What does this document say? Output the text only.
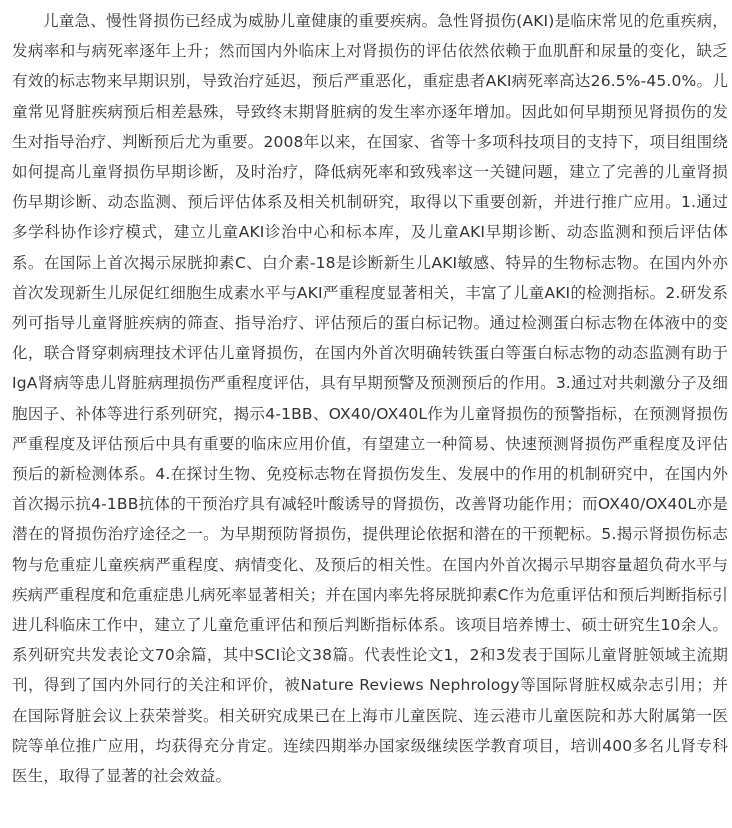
儿童急、慢性肾损伤已经成为威胁儿童健康的重要疾病。急性肾损伤(AKI)是临床常见的危重疾病，发病率和与病死率逐年上升；然而国内外临床上对肾损伤的评估依然依赖于血肌酐和尿量的变化，缺乏有效的标志物来早期识别，导致治疗延迟，预后严重恶化，重症患者AKI病死率高达26.5%-45.0%。儿童常见肾脏疾病预后相差悬殊，导致终末期肾脏病的发生率亦逐年增加。因此如何早期预见肾损伤的发生对指导治疗、判断预后尤为重要。2008年以来，在国家、省等十多项科技项目的支持下，项目组围绕如何提高儿童肾损伤早期诊断，及时治疗，降低病死率和致残率这一关键问题，建立了完善的儿童肾损伤早期诊断、动态监测、预后评估体系及相关机制研究，取得以下重要创新，并进行推广应用。1.通过多学科协作诊疗模式，建立儿童AKI诊治中心和标本库，及儿童AKI早期诊断、动态监测和预后评估体系。在国际上首次揭示尿胱抑素C、白介素-18是诊断新生儿AKI敏感、特异的生物标志物。在国内外亦首次发现新生儿尿促红细胞生成素水平与AKI严重程度显著相关，丰富了儿童AKI的检测指标。2.研发系列可指导儿童肾脏疾病的筛查、指导治疗、评估预后的蛋白标记物。通过检测蛋白标志物在体液中的变化，联合肾穿刺病理技术评估儿童肾损伤，在国内外首次明确转铁蛋白等蛋白标志物的动态监测有助于IgA肾病等患儿肾脏病理损伤严重程度评估，具有早期预警及预测预后的作用。3.通过对共刺激分子及细胞因子、补体等进行系列研究，揭示4-1BB、OX40/OX40L作为儿童肾损伤的预警指标，在预测肾损伤严重程度及评估预后中具有重要的临床应用价值，有望建立一种简易、快速预测肾损伤严重程度及评估预后的新检测体系。4.在探讨生物、免疫标志物在肾损伤发生、发展中的作用的机制研究中，在国内外首次揭示抗4-1BB抗体的干预治疗具有减轻叶酸诱导的肾损伤，改善肾功能作用；而OX40/OX40L亦是潜在的肾损伤治疗途径之一。为早期预防肾损伤，提供理论依据和潜在的干预靶标。5.揭示肾损伤标志物与危重症儿童疾病严重程度、病情变化、及预后的相关性。在国内外首次揭示早期容量超负荷水平与疾病严重程度和危重症患儿病死率显著相关；并在国内率先将尿胱抑素C作为危重评估和预后判断指标引进儿科临床工作中，建立了儿童危重评估和预后判断指标体系。该项目培养博士、硕士研究生10余人。系列研究共发表论文70余篇，其中SCI论文38篇。代表性论文1，2和3发表于国际儿童肾脏领域主流期刊，得到了国内外同行的关注和评价，被Nature Reviews Nephrology等国际肾脏权威杂志引用；并在国际肾脏会议上获荣誉奖。相关研究成果已在上海市儿童医院、连云港市儿童医院和苏大附属第一医院等单位推广应用，均获得充分肯定。连续四期举办国家级继续医学教育项目，培训400多名儿肾专科医生，取得了显著的社会效益。
